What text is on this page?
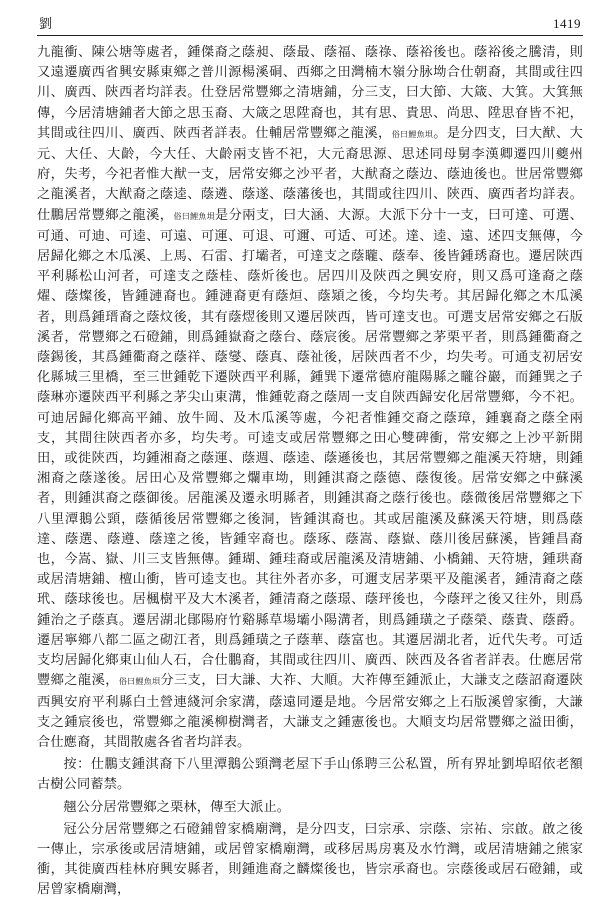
劉	1419

九龍衝、陳公塘等處者，鍾傑裔之蔭昶、蔭最、蔭福、蔭祿、蔭裕後也。蔭裕後之騰清，則又遠遷廣西省興安縣東鄉之普川源楊溪硐、西鄉之田灣楠木嶺分脉坳合仕朝裔，其間或往四川、廣西、陝西者均詳表。仕登居常豐鄉之清塘鋪，分三支，曰大節、大箴、大箕。大箕無傳，今居清塘鋪者大節之思玉裔、大箴之思陞裔也，其有思、貴思、尚思、陞思眘皆不祀，其間或往四川、廣西、陝西者詳表。仕輔居常豐鄉之龍溪，俗曰鯉魚垻。是分四支，曰大猷、大元、大任、大齡，今大任、大齡兩支皆不祀，大元裔思源、思述同母舅李漢卿遷四川夔州府，失考，今祀者惟大猷一支，居常安鄉之沙平者，大猷裔之蔭边、蔭迪後也。世居常豐鄉之龍溪者，大猷裔之蔭逵、蔭遴、蔭遂、蔭藩後也，其間或往四川、陝西、廣西者均詳表。仕鵬居常豐鄉之龍溪，俗曰鯉魚垻是分兩支，曰大涵、大源。大派下分十一支，曰可達、可選、可通、可迪、可逵、可遠、可運、可退、可邇、可适、可述。達、逵、遠、述四支無傳，今居歸化鄉之木瓜溪、上馬、石雷、打壩者，可達支之蔭矓、蔭奉、後皆鍾琇裔也。遷居陝西平利縣松山河者，可達支之蔭桂、蔭炘後也。居四川及陝西之興安府，則又爲可逢裔之蔭燿、蔭燦後，皆鍾漣裔也。鍾漣裔更有蔭烜、蔭熲之後，今均失考。其居歸化鄉之木瓜溪者，則爲鍾瑨裔之蔭炆後，其有蔭熤後則又遷居陝西，皆可達支也。可選支居常安鄉之石版溪者，常豐鄉之石磴鋪，則爲鍾嶽裔之蔭台、蔭宸後。居常豐鄉之茅栗平者，則爲鍾衢裔之蔭錫後，其爲鍾衢裔之蔭祥、蔭燮、蔭真、蔭祉後，居陝西者不少，均失考。可通支初居安化縣城三里橋，至三世鍾乾下遷陝西平利縣，鍾巽下遷常德府龍陽縣之矓谷巖，而鍾巽之子蔭琳亦遷陝西平利縣之茅尖山東溝，惟鍾乾裔之蔭周一支自陝西歸安化居常豐鄉，今不祀。可迪居歸化鄉高平鋪、放牛岡、及木瓜溪等處，今祀者惟鍾交裔之蔭璋，鍾襄裔之蔭全兩支，其間往陝西者亦多，均失考。可逵支或居常豐鄉之田心雙碑衝，常安鄉之上沙平新開田，或徙陝西，均鍾湘裔之蔭運、蔭週、蔭逵、蔭遜後也，其居常豐鄉之龍溪天符塘，則鍾湘裔之蔭遂後。居田心及常豐鄉之爛車坳，則鍾淇裔之蔭德、蔭復後。居常安鄉之中蘇溪者，則鍾淇裔之蔭御後。居龍溪及遷永明縣者，則鍾淇裔之蔭行後也。蔭微後居常豐鄉之下八里潭鵝公頸，蔭循後居常豐鄉之後洞，皆鍾淇裔也。其或居龍溪及蘇溪天符塘，則爲蔭達、蔭選、蔭遵、蔭達之後，皆鍾宰裔也。蔭琢、蔭嵩、蔭嶽、蔭川後居蘇溪，皆鍾昌裔也，今嵩、嶽、川三支皆無傳。鍾瑚、鍾珪裔或居龍溪及清塘鋪、小橋鋪、天符塘，鍾珙裔或居清塘鋪、檀山衝，皆可逵支也。其往外者亦多，可邇支居茅栗平及龍溪者，鍾清裔之蔭玳、蔭球後也。居楓樹平及大木溪者，鍾清裔之蔭璟、蔭玶後也，今蔭玶之後又往外，則爲鍾治之子蔭真。遷居湖北鄖陽府竹谿縣草場壩小陽溝者，則爲鍾璜之子蔭榮、蔭貴、蔭爵。遷居寧鄉八都二區之砌江者，則爲鍾璜之子蔭華、蔭富也。其遷居湖北者，近代失考。可适支均居歸化鄉東山仙人石，合仕鵬裔，其間或往四川、廣西、陝西及各省者詳表。仕應居常豐鄉之龍溪，俗曰鯉魚垻分三支，曰大謙、大祚、大順。大祚傳至鍾派止，大謙支之蔭詔裔遷陝西興安府平利縣白土營連綫河余家溝，蔭遠同遷是地。今居常安鄉之上石版溪曾家衝，大謙支之鍾宸後也，常豐鄉之龍溪柳樹灣者，大謙支之鍾憲後也。大順支均居常豐鄉之溢田衝，合仕應裔，其間散處各省者均詳表。

按：仕鵬支鍾淇裔下八里潭鵝公頸灣老屋下手山係聘三公私置，所有界址劉埠昭依老額古樹公同蓄禁。

翹公分居常豐鄉之栗林，傳至大派止。

冠公分居常豐鄉之石磴鋪曾家橋廟灣，是分四支，曰宗承、宗蔭、宗祐、宗啟。啟之後一傳止，宗承後或居清塘鋪，或居曾家橋廟灣，或移居馬房裏及水竹灣，或居清塘鋪之熊家衝，其徙廣西桂林府興安縣者，則鍾進裔之麟燦後也，皆宗承裔也。宗蔭後或居石磴鋪，或居曾家橋廟灣，
